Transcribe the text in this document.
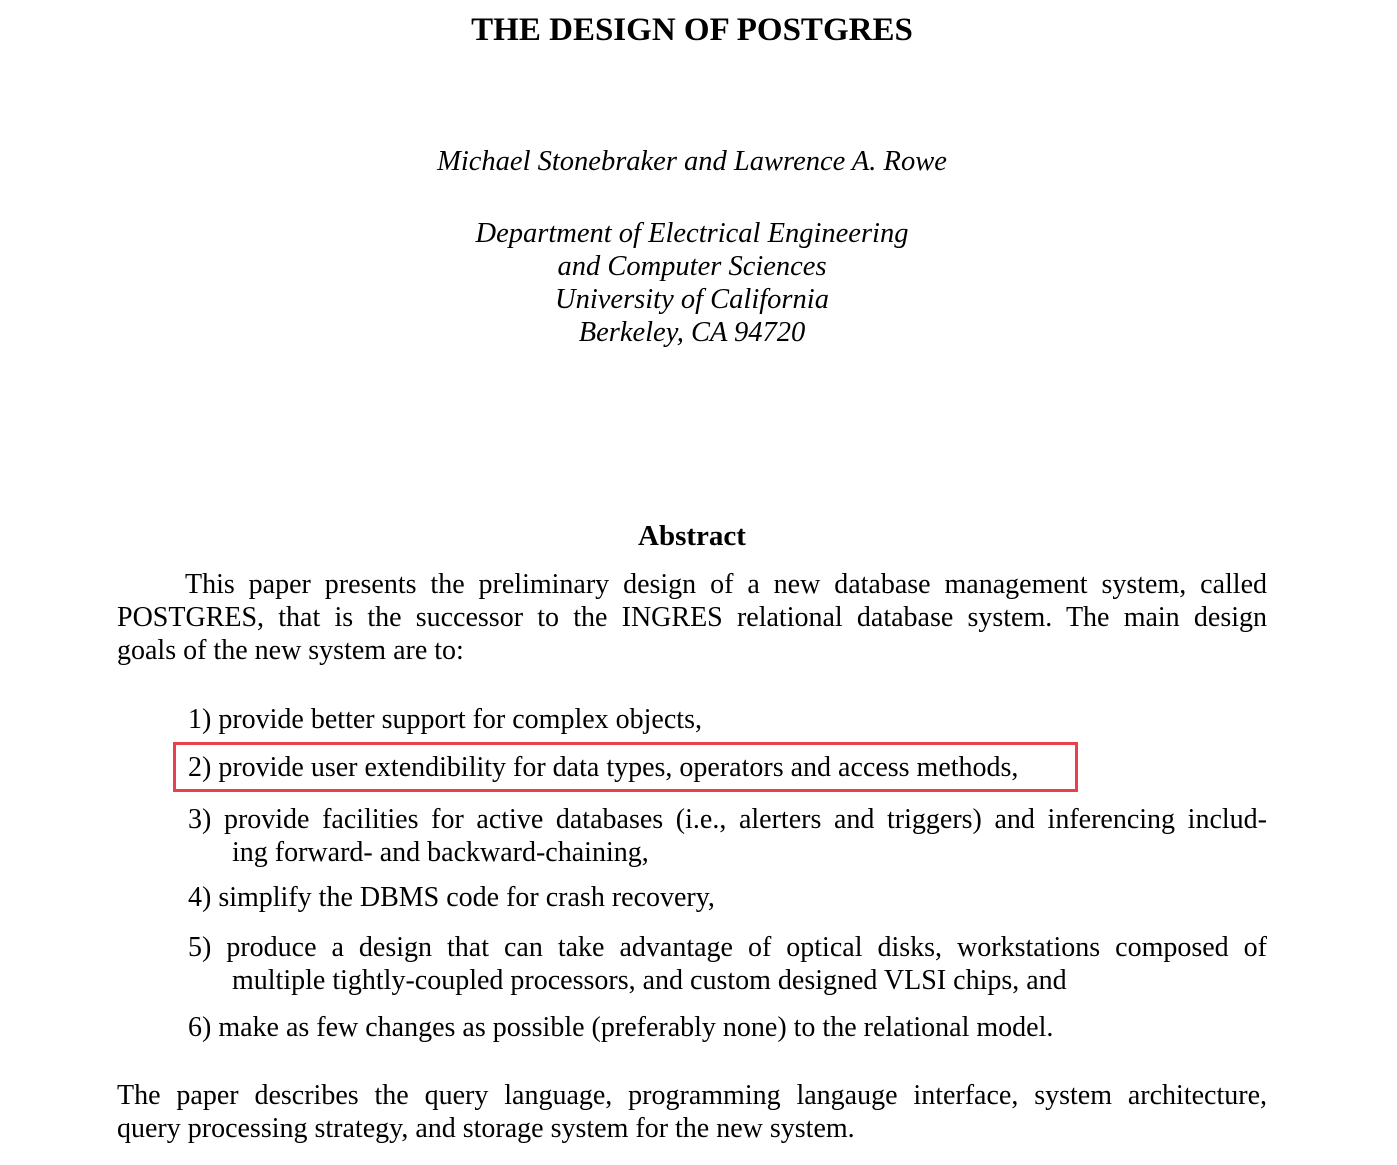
THE DESIGN OF POSTGRES
Michael Stonebraker and Lawrence A. Rowe
Department of Electrical Engineering
and Computer Sciences
University of California
Berkeley, CA 94720
Abstract
This paper presents the preliminary design of a new database management system, called
POSTGRES, that is the successor to the INGRES relational database system. The main design
goals of the new system are to:
1) provide better support for complex objects,
2) provide user extendibility for data types, operators and access methods,
3) provide facilities for active databases (i.e., alerters and triggers) and inferencing includ-
ing forward- and backward-chaining,
4) simplify the DBMS code for crash recovery,
5) produce a design that can take advantage of optical disks, workstations composed of
multiple tightly-coupled processors, and custom designed VLSI chips, and
6) make as few changes as possible (preferably none) to the relational model.
The paper describes the query language, programming langauge interface, system architecture,
query processing strategy, and storage system for the new system.
